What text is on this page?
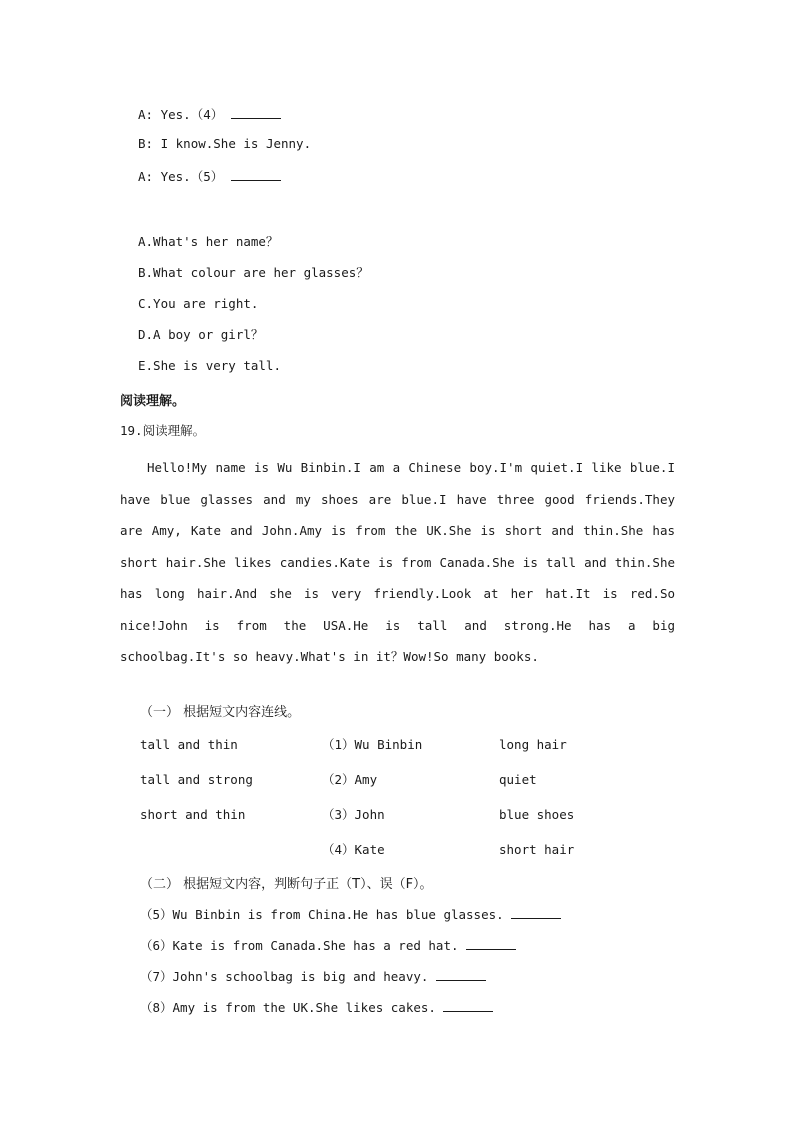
A: Yes.（4）
B: I know.She is Jenny.
A: Yes.（5）
A.What's her name？
B.What colour are her glasses？
C.You are right.
D.A boy or girl？
E.She is very tall.
阅读理解。
19.阅读理解。
Hello!My name is Wu Binbin.I am a Chinese boy.I'm quiet.I like blue.I have blue glasses and my shoes are blue.I have three good friends.They are Amy, Kate and John.Amy is from the UK.She is short and thin.She has short hair.She likes candies.Kate is from Canada.She is tall and thin.She has long hair.And she is very friendly.Look at her hat.It is red.So nice!John is from the USA.He is tall and strong.He has a big schoolbag.It's so heavy.What's in it？Wow!So many books.
（一） 根据短文内容连线。
tall and thin
tall and strong
short and thin
（1）Wu Binbin
（2）Amy
（3）John
（4）Kate
long hair
quiet
blue shoes
short hair
（二） 根据短文内容，判断句子正（T）、误（F）。
（5）Wu Binbin is from China.He has blue glasses.
（6）Kate is from Canada.She has a red hat.
（7）John's schoolbag is big and heavy.
（8）Amy is from the UK.She likes cakes.
